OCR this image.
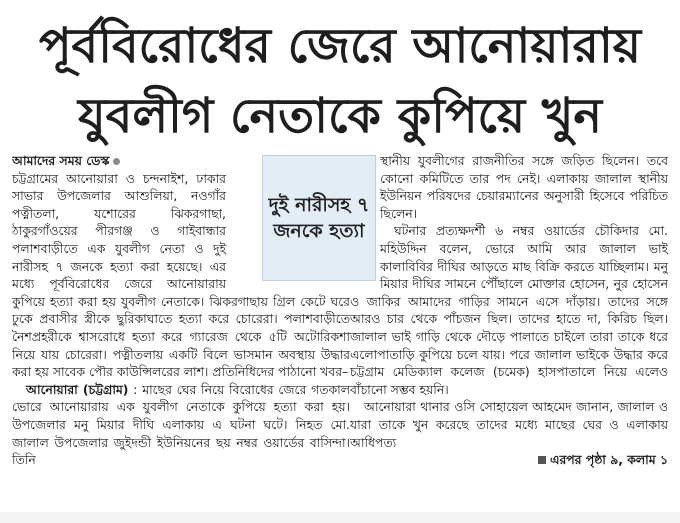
পূর্ববিরোধের জেরে আনোয়ারায়
যুবলীগ নেতাকে কুপিয়ে খুন
দুই নারীসহ ৭ জনকে হত্যা

আমাদের সময় ডেস্ক

চট্টগ্রামের আনোয়ারা ও চন্দনাইশ, ঢাকার সাভার উপজেলার আশুলিয়া, নওগাঁর পত্নীতলা, যশোরের ঝিকরগাছা, ঠাকুরগাঁওয়ের পীরগঞ্জ ও গাইবান্ধার পলাশবাড়ীতে এক যুবলীগ নেতা ও দুই নারীসহ ৭ জনকে হত্যা করা হয়েছে। এর মধ্যে পূর্ববিরোধের জেরে আনোয়ারায় কুপিয়ে হত্যা করা হয় যুবলীগ নেতাকে। ঝিকরগাছায় গ্রিল কেটে ঘরে ঢুকে প্রবাসীর স্ত্রীকে ছুরিকাঘাতে হত্যা করে চোরেরা। পলাশবাড়ীতে নৈশপ্রহরীকে শ্বাসরোধে হত্যা করে গ্যারেজ থেকে ৫টি অটোরিকশা নিয়ে যায় চোরেরা। পত্নীতলায় একটি বিলে ভাসমান অবস্থায় উদ্ধার করা হয় সাবেক পৌর কাউন্সিলরের লাশ। প্রতিনিধিদের পাঠানো খবর–

আনোয়ারা (চট্টগ্রাম) : মাছের ঘের নিয়ে বিরোধের জেরে গতকাল ভোরে আনোয়ারায় এক যুবলীগ নেতাকে কুপিয়ে হত্যা করা হয়। উপজেলার মনু মিয়ার দীঘি এলাকায় এ ঘটনা ঘটে। নিহত মো. জালাল উপজেলার জুইদন্ডী ইউনিয়নের ছয় নম্বর ওয়ার্ডের বাসিন্দা। তিনি

স্থানীয় যুবলীগের রাজনীতির সঙ্গে জড়িত ছিলেন। তবে কোনো কমিটিতে তার পদ নেই। এলাকায় জালাল স্থানীয় ইউনিয়ন পরিষদের চেয়ারম্যানের অনুসারী হিসেবে পরিচিত ছিলেন।

ঘটনার প্রত্যক্ষদর্শী ৬ নম্বর ওয়ার্ডের চৌকিদার মো. মহিউদ্দিন বলেন, ভোরে আমি আর জালাল ভাই কালাবিবির দীঘির আড়তে মাছ বিক্রি করতে যাচ্ছিলাম। মনু মিয়ার দীঘির সামনে পৌঁছালে মোক্তার হোসেন, নুর হোসেন ও জাকির আমাদের গাড়ির সামনে এসে দাঁড়ায়। তাদের সঙ্গে আরও চার থেকে পাঁচজন ছিল। তাদের হাতে দা, কিরিচ ছিল। জালাল ভাই গাড়ি থেকে দৌড়ে পালাতে চাইলে তারা তাকে ধরে এলোপাতাড়ি কুপিয়ে চলে যায়। পরে জালাল ভাইকে উদ্ধার করে চট্টগ্রাম মেডিক্যাল কলেজ (চমেক) হাসপাতালে নিয়ে এলেও বাঁচানো সম্ভব হয়নি।

আনোয়ারা থানার ওসি সোহায়েল আহমেদ জানান, জালাল ও যারা তাকে খুন করেছে তাদের মধ্যে মাছের ঘের ও এলাকায় আধিপত্য

এরপর পৃষ্ঠা ৯, কলাম ১
